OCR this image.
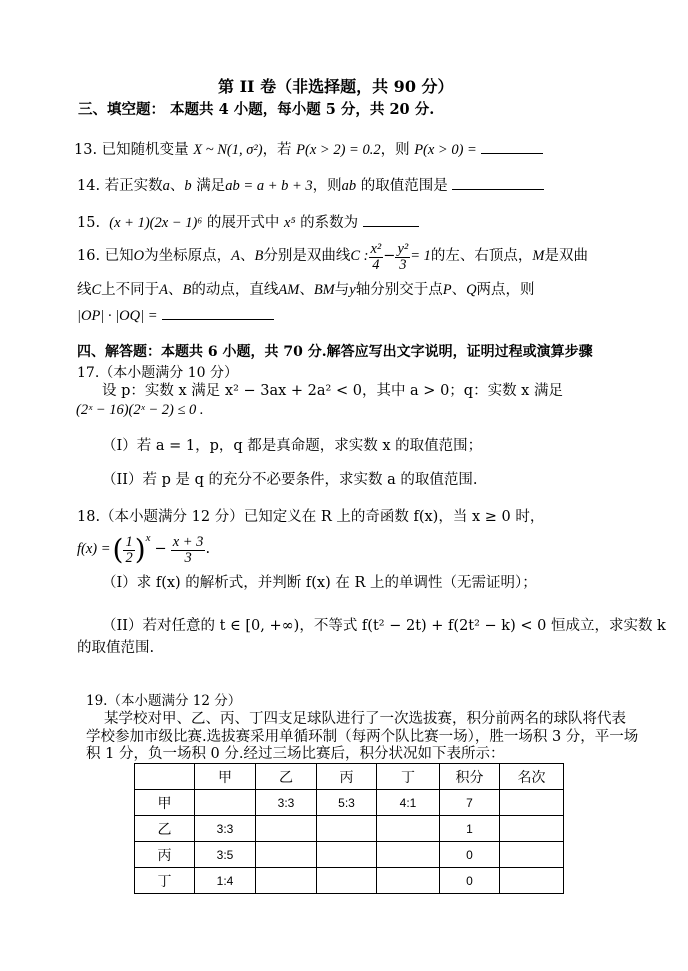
第 II 卷（非选择题，共 90 分）
三、填空题： 本题共 4 小题，每小题 5 分，共 20 分.
13. 已知随机变量 X ~ N(1, σ²)，若 P(x > 2) = 0.2，则 P(x > 0) =
14. 若正实数a、b 满足ab = a + b + 3，则ab 的取值范围是
15.  (x + 1)(2x − 1)⁶ 的展开式中 x⁵ 的系数为
16. 已知 O 为坐标原点， A 、 B 分别是双曲线 C : $\frac{\text{x²}}{4} - \frac{\text{y²}}{3} = 1$ 的左、右顶点， M 是双曲
线C上不同于A、B的动点，直线AM、BM与y轴分别交于点P、Q两点，则
|OP| · |OQ| =
四、解答题：本题共 6 小题，共 70 分.解答应写出文字说明，证明过程或演算步骤
17.（本小题满分 10 分）
设 p：实数 x 满足 x² − 3ax + 2a² < 0，其中 a > 0；q：实数 x 满足
(2ˣ − 16)(2ˣ − 2) ≤ 0 .
（I）若 a = 1，p，q 都是真命题，求实数 x 的取值范围；
（II）若 p 是 q 的充分不必要条件，求实数 a 的取值范围.
18.（本小题满分 12 分）已知定义在 R 上的奇函数 f(x)，当 x ≥ 0 时，
f(x) = ( $\frac{1}{2} )^x$
− $\frac{x + 3}{3}$ .
（I）求 f(x) 的解析式，并判断 f(x) 在 R 上的单调性（无需证明）；
（II）若对任意的 t ∈ [0, +∞)，不等式 f(t² − 2t) + f(2t² − k) < 0 恒成立，求实数 k
的取值范围.
19.（本小题满分 12 分）
某学校对甲、乙、丙、丁四支足球队进行了一次选拔赛，积分前两名的球队将代表
学校参加市级比赛.选拔赛采用单循环制（每两个队比赛一场），胜一场积 3 分，平一场
积 1 分，负一场积 0 分.经过三场比赛后，积分状况如下表所示：
	甲	乙	丙	丁	积分	名次
甲		3:3	5:3	4:1	7	
乙	3:3				1	
丙	3:5				0	
丁	1:4				0	
